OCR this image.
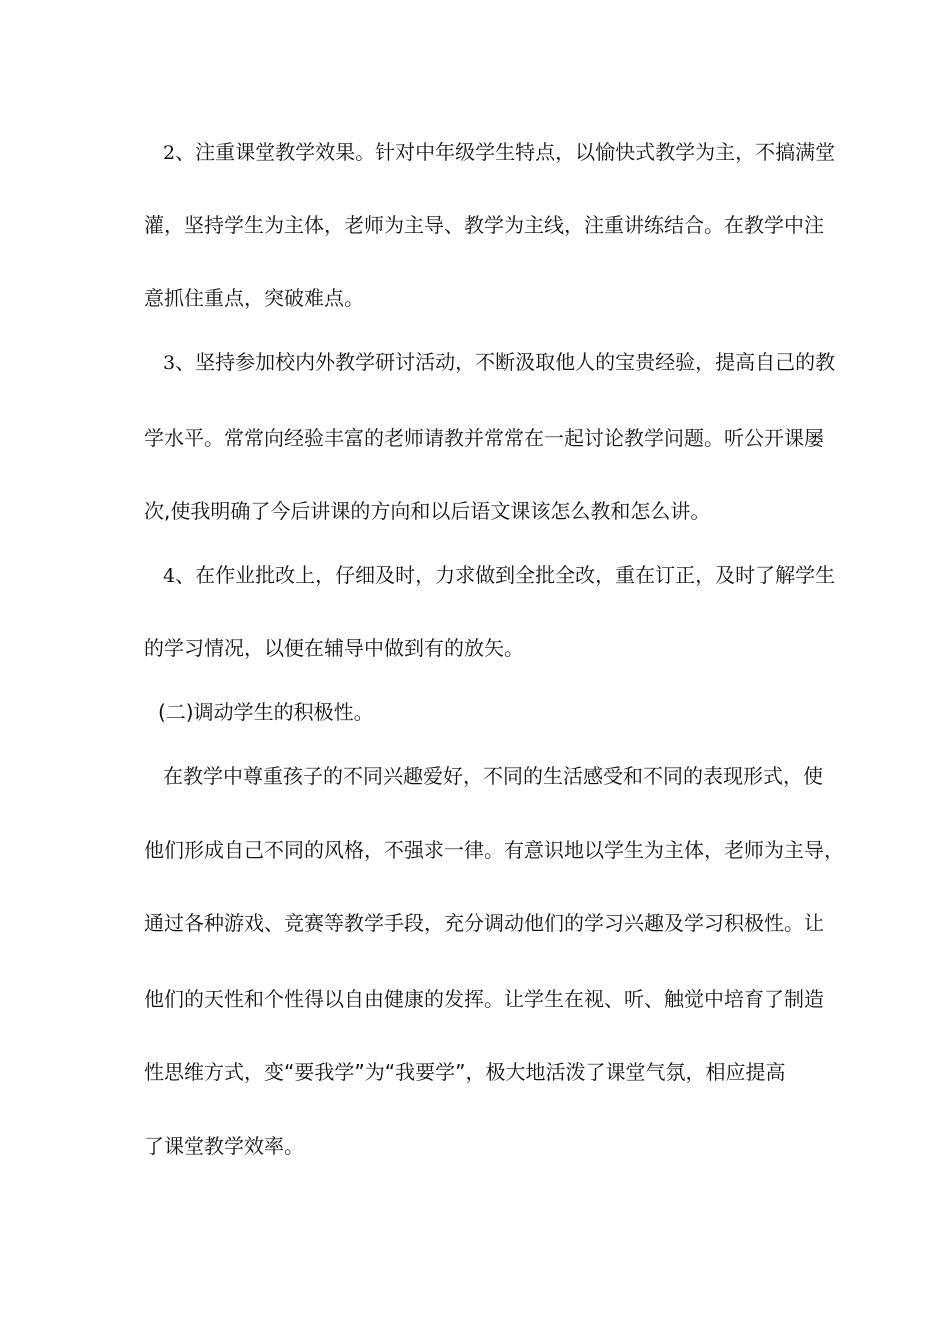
2、注重课堂教学效果。针对中年级学生特点，以愉快式教学为主，不搞满堂
灌，坚持学生为主体，老师为主导、教学为主线，注重讲练结合。在教学中注
意抓住重点，突破难点。
3、坚持参加校内外教学研讨活动，不断汲取他人的宝贵经验，提高自己的教
学水平。常常向经验丰富的老师请教并常常在一起讨论教学问题。听公开课屡
次,使我明确了今后讲课的方向和以后语文课该怎么教和怎么讲。
4、在作业批改上，仔细及时，力求做到全批全改，重在订正，及时了解学生
的学习情况，以便在辅导中做到有的放矢。
(二)调动学生的积极性。
在教学中尊重孩子的不同兴趣爱好，不同的生活感受和不同的表现形式，使
他们形成自己不同的风格，不强求一律。有意识地以学生为主体，老师为主导，
通过各种游戏、竞赛等教学手段，充分调动他们的学习兴趣及学习积极性。让
他们的天性和个性得以自由健康的发挥。让学生在视、听、触觉中培育了制造
性思维方式，变“要我学”为“我要学”，极大地活泼了课堂气氛，相应提高
了课堂教学效率。
